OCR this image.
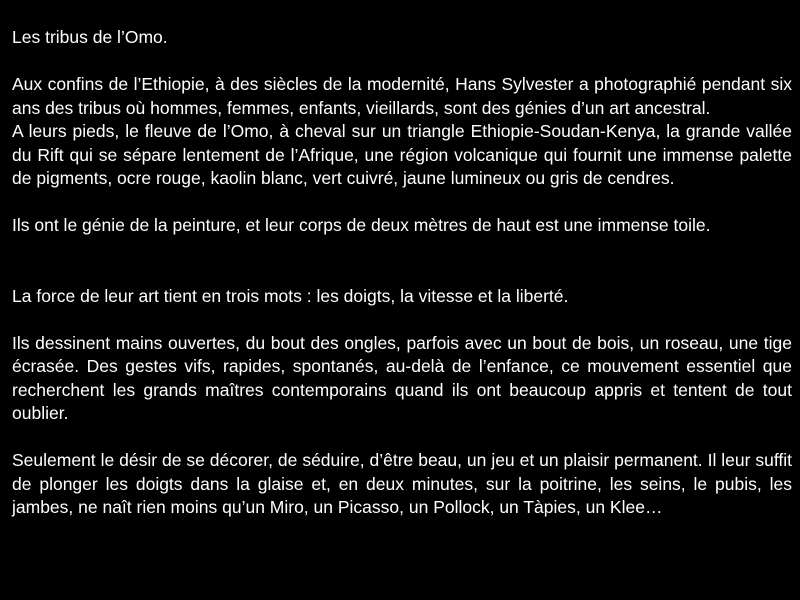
Les tribus de l’Omo.

Aux confins de l’Ethiopie, à des siècles de la modernité, Hans Sylvester a photographié pendant six ans des tribus où hommes, femmes, enfants, vieillards, sont des génies d’un art ancestral.

A leurs pieds, le fleuve de l’Omo, à cheval sur un triangle Ethiopie-Soudan-Kenya, la grande vallée du Rift qui se sépare lentement de l’Afrique, une région volcanique qui fournit une immense palette de pigments, ocre rouge, kaolin blanc, vert cuivré, jaune lumineux ou gris de cendres.

Ils ont le génie de la peinture, et leur corps de deux mètres de haut est une immense toile.

La force de leur art tient en trois mots : les doigts, la vitesse et la liberté.

Ils dessinent mains ouvertes, du bout des ongles, parfois avec un bout de bois, un roseau, une tige écrasée. Des gestes vifs, rapides, spontanés, au-delà de l’enfance, ce mouvement essentiel que recherchent les grands maîtres contemporains quand ils ont beaucoup appris et tentent de tout oublier.

Seulement le désir de se décorer, de séduire, d’être beau, un jeu et un plaisir permanent. Il leur suffit de plonger les doigts dans la glaise et, en deux minutes, sur la poitrine, les seins, le pubis, les jambes, ne naît rien moins qu’un Miro, un Picasso, un Pollock, un Tàpies, un Klee…
